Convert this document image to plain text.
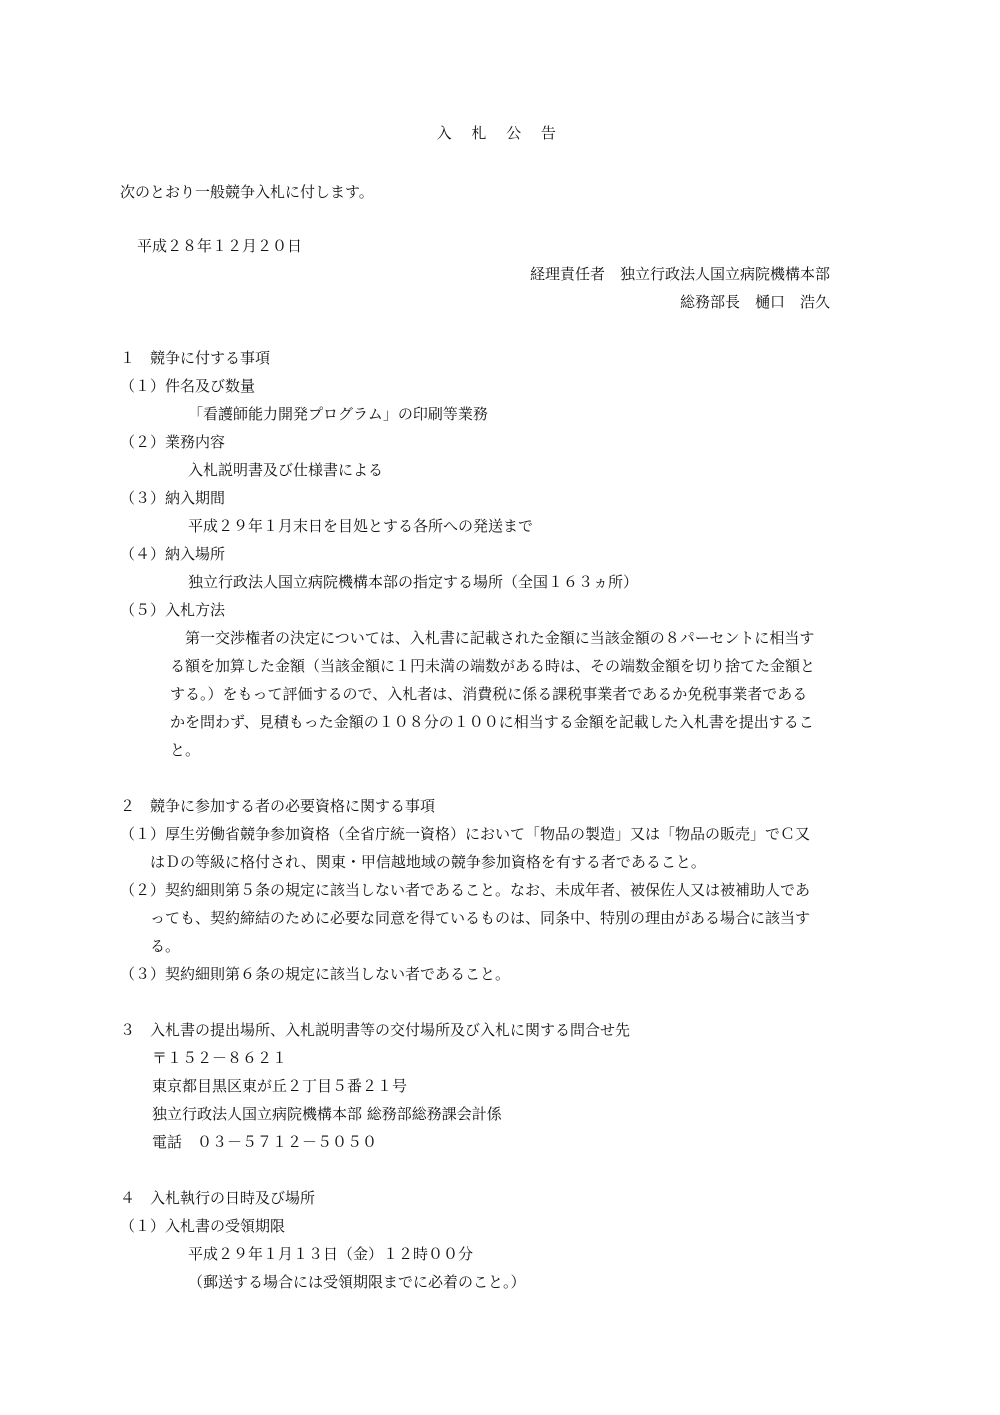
入 札 公 告
次のとおり一般競争入札に付します。
平成２８年１２月２０日
経理責任者　独立行政法人国立病院機構本部
総務部長　樋口　浩久
１　競争に付する事項
（１）件名及び数量
「看護師能力開発プログラム」の印刷等業務
（２）業務内容
入札説明書及び仕様書による
（３）納入期間
平成２９年１月末日を目処とする各所への発送まで
（４）納入場所
独立行政法人国立病院機構本部の指定する場所（全国１６３ヵ所）
（５）入札方法
　第一交渉権者の決定については、入札書に記載された金額に当該金額の８パーセントに相当す
る額を加算した金額（当該金額に１円未満の端数がある時は、その端数金額を切り捨てた金額と
する。）をもって評価するので、入札者は、消費税に係る課税事業者であるか免税事業者である
かを問わず、見積もった金額の１０８分の１００に相当する金額を記載した入札書を提出するこ
と。
２　競争に参加する者の必要資格に関する事項
（１）厚生労働省競争参加資格（全省庁統一資格）において「物品の製造」又は「物品の販売」でＣ又
はＤの等級に格付され、関東・甲信越地域の競争参加資格を有する者であること。
（２）契約細則第５条の規定に該当しない者であること。なお、未成年者、被保佐人又は被補助人であ
っても、契約締結のために必要な同意を得ているものは、同条中、特別の理由がある場合に該当す
る。
（３）契約細則第６条の規定に該当しない者であること。
３　入札書の提出場所、入札説明書等の交付場所及び入札に関する問合せ先
〒１５２－８６２１
東京都目黒区東が丘２丁目５番２１号
独立行政法人国立病院機構本部 総務部総務課会計係
電話　０３－５７１２－５０５０
４　入札執行の日時及び場所
（１）入札書の受領期限
平成２９年１月１３日（金）１２時００分
（郵送する場合には受領期限までに必着のこと。）
